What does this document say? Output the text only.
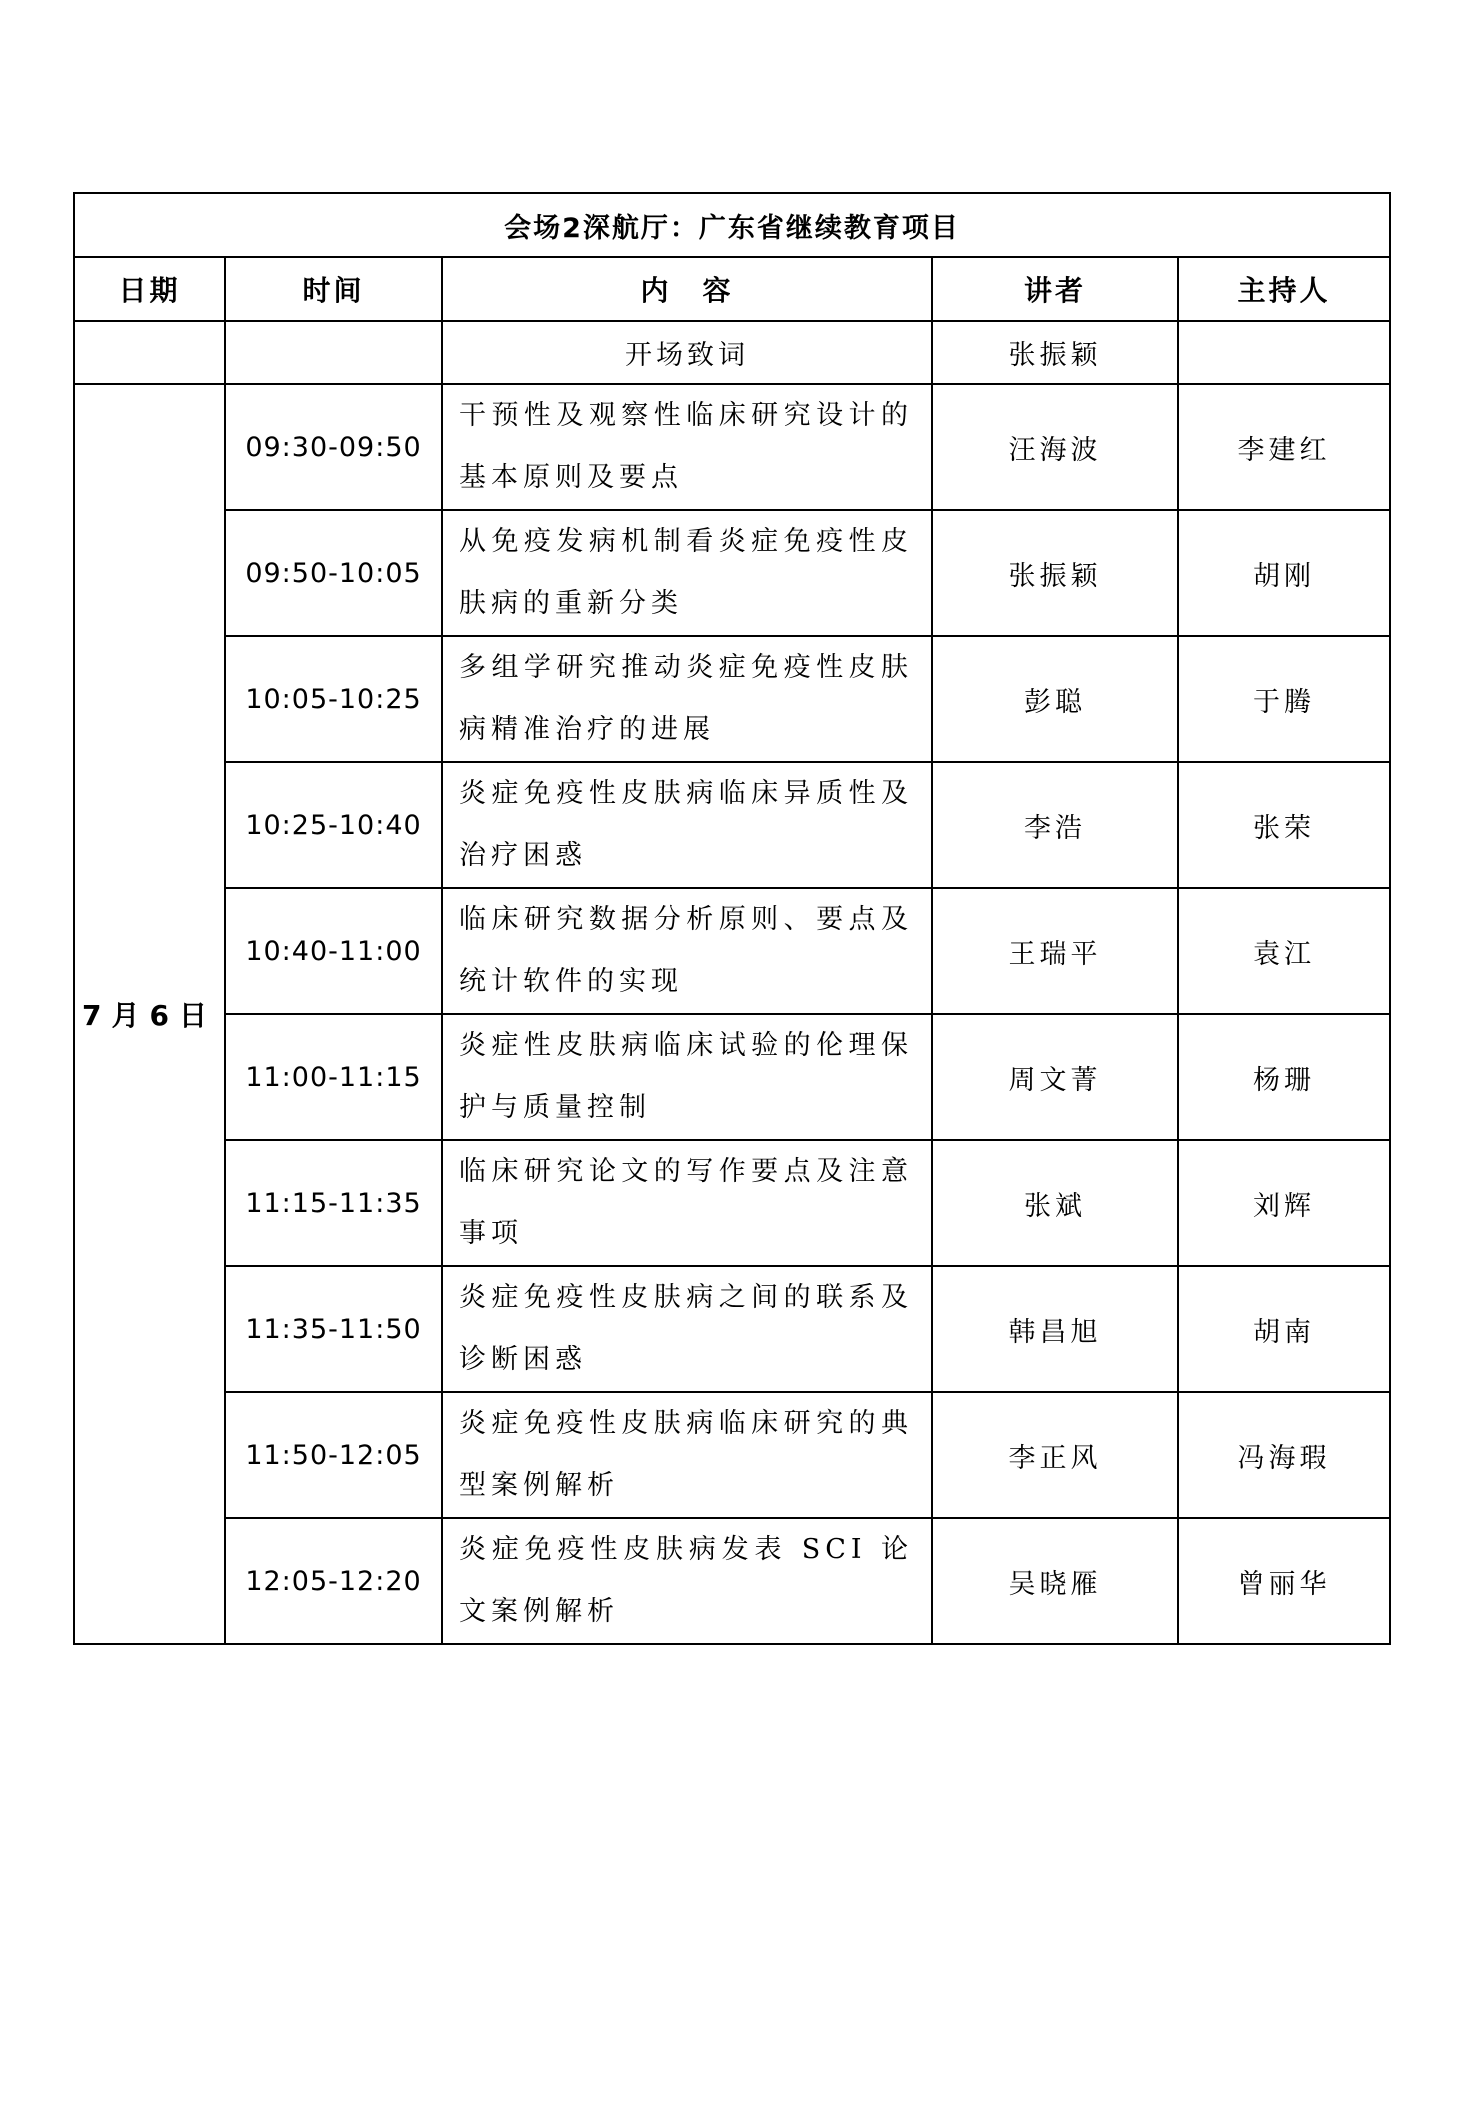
会场2深航厅：广东省继续教育项目				
日期	时间	内　容	讲者	主持人
		开场致词	张振颖	
7月6日	09:30-09:50	干预性及观察性临床研究设计的基本原则及要点	汪海波	李建红
	09:50-10:05	从免疫发病机制看炎症免疫性皮肤病的重新分类	张振颖	胡刚
	10:05-10:25	多组学研究推动炎症免疫性皮肤病精准治疗的进展	彭聪	于腾
	10:25-10:40	炎症免疫性皮肤病临床异质性及治疗困惑	李浩	张荣
	10:40-11:00	临床研究数据分析原则、要点及统计软件的实现	王瑞平	袁江
	11:00-11:15	炎症性皮肤病临床试验的伦理保护与质量控制	周文菁	杨珊
	11:15-11:35	临床研究论文的写作要点及注意事项	张斌	刘辉
	11:35-11:50	炎症免疫性皮肤病之间的联系及诊断困惑	韩昌旭	胡南
	11:50-12:05	炎症免疫性皮肤病临床研究的典型案例解析	李正风	冯海瑕
	12:05-12:20	炎症免疫性皮肤病发表 SCI 论文案例解析	吴晓雁	曾丽华
